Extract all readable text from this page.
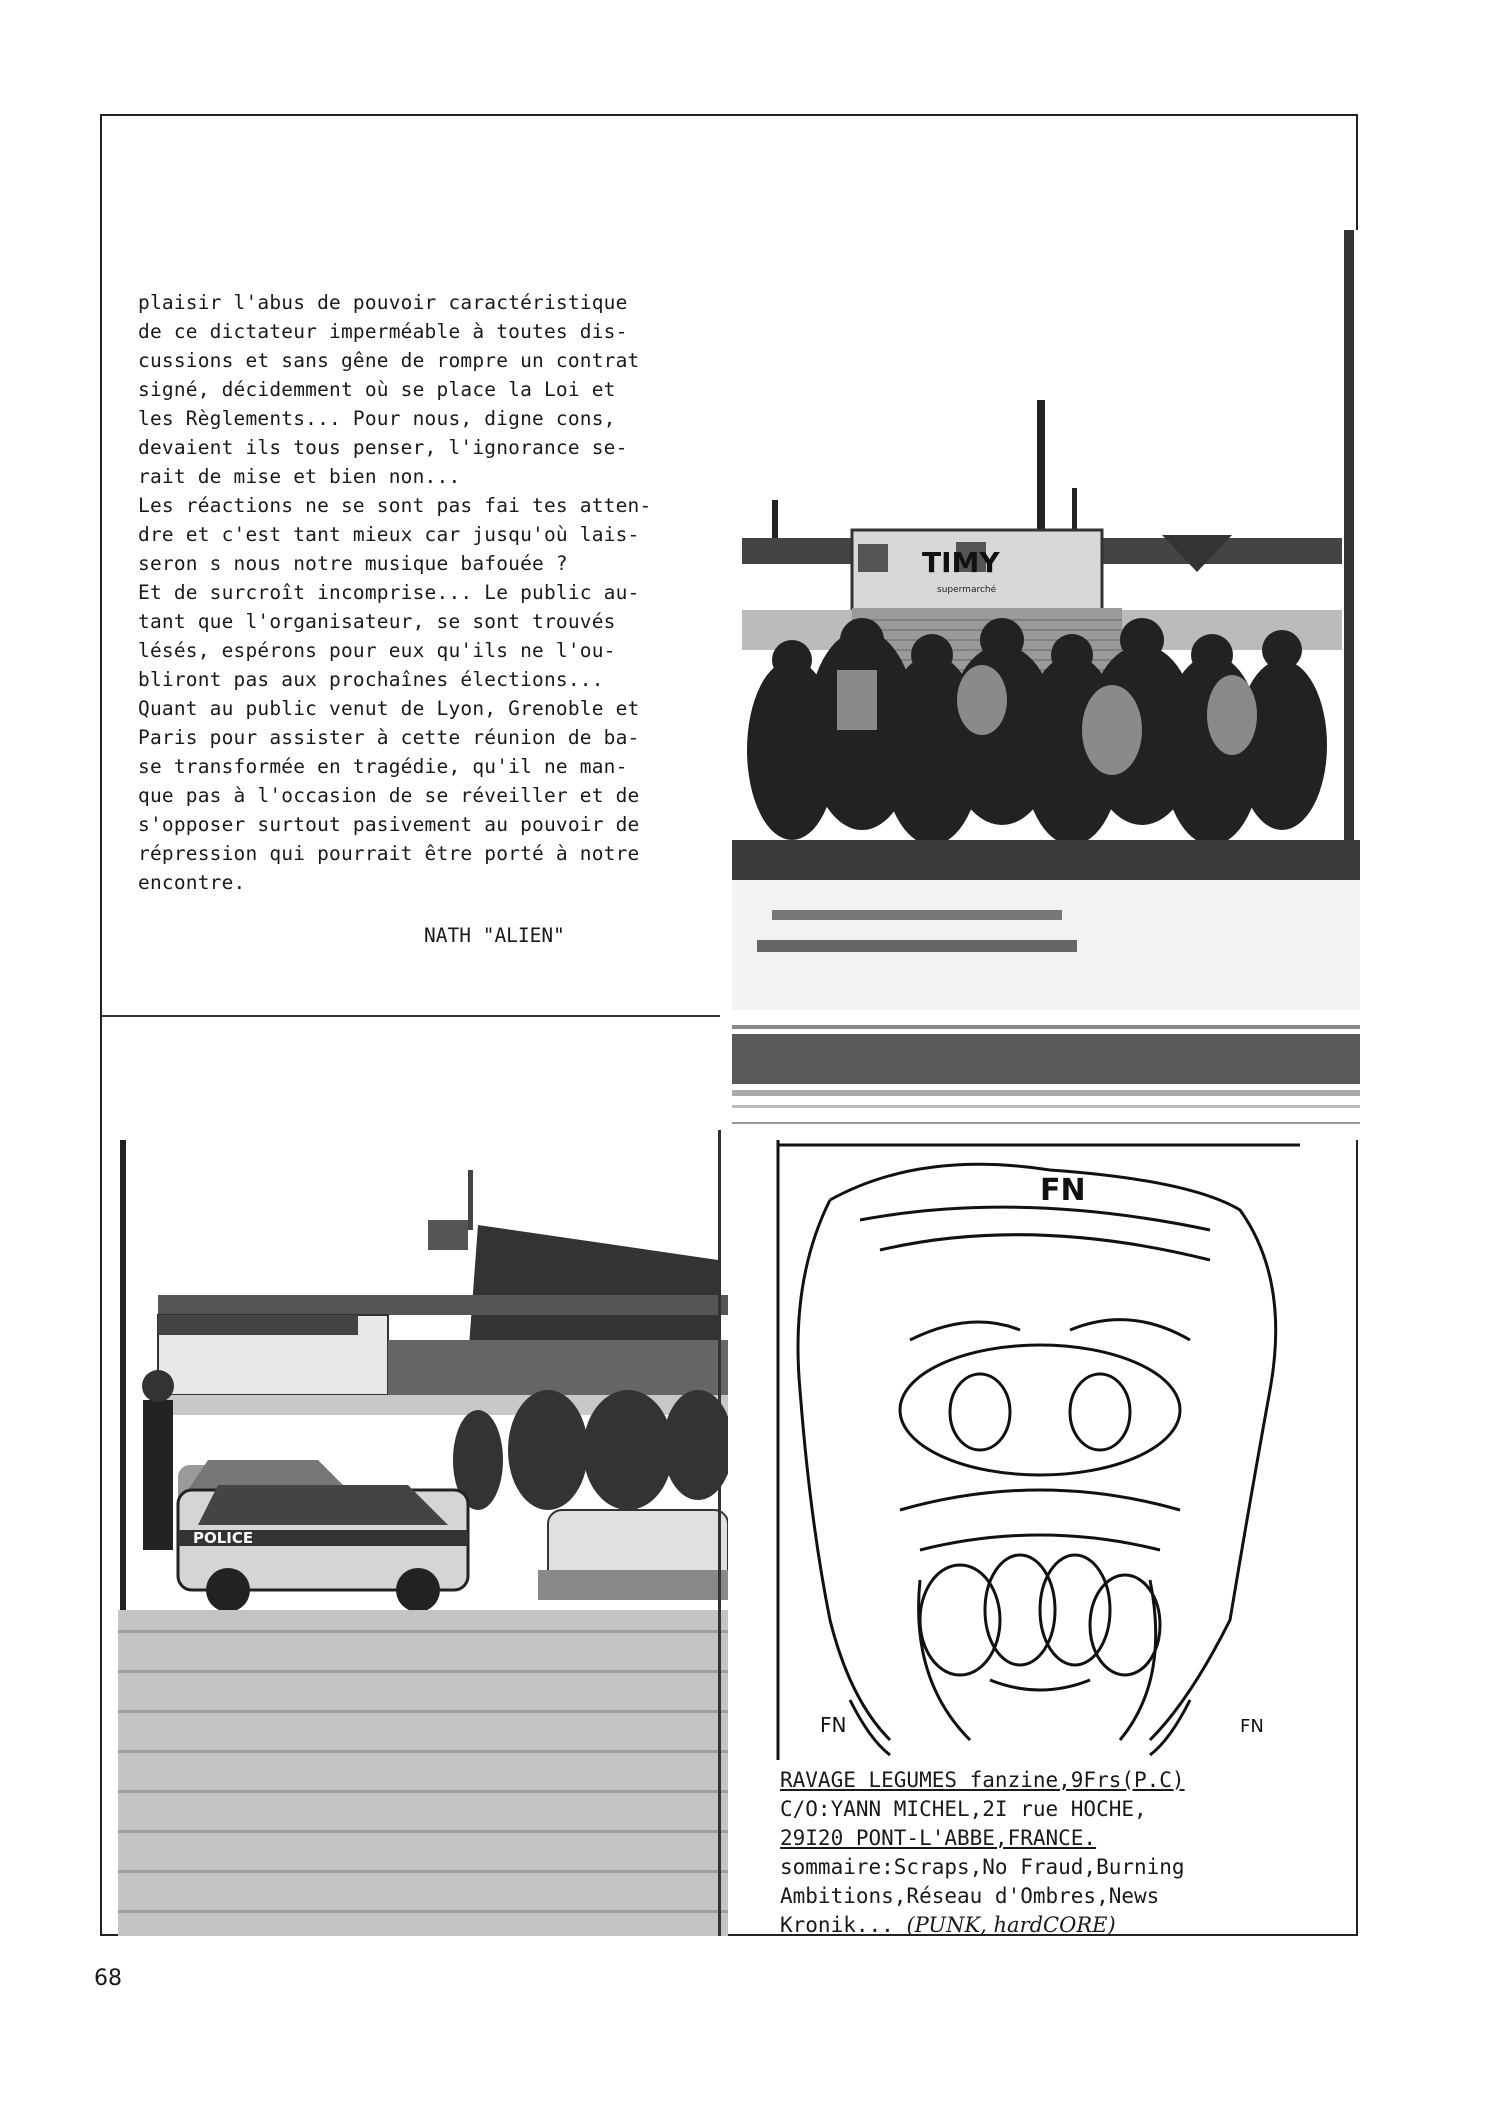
plaisir l'abus de pouvoir caractéristique
de ce dictateur imperméable à toutes dis-
cussions et sans gêne de rompre un contrat
signé, décidemment où se place la Loi et
les Règlements... Pour nous, digne cons,
devaient ils tous penser, l'ignorance se-
rait de mise et bien non...
Les réactions ne se sont pas fai tes atten-
dre et c'est tant mieux car jusqu'où lais-
seron s nous notre musique bafouée ?
Et de surcroît incomprise... Le public au-
tant que l'organisateur, se sont trouvés
lésés, espérons pour eux qu'ils ne l'ou-
bliront pas aux prochaînes élections...
Quant au public venut de Lyon, Grenoble et
Paris pour assister à cette réunion de ba-
se transformée en tragédie, qu'il ne man-
que pas à l'occasion de se réveiller et de
s'opposer surtout pasivement au pouvoir de
répression qui pourrait être porté à notre
encontre.
NATH "ALIEN"
TIMY
supermarché
POLICE
FN
FN	FN
RAVAGE LEGUMES fanzine,9Frs(P.C)
C/O:YANN MICHEL,2I rue HOCHE,
29I20 PONT-L'ABBE,FRANCE.
sommaire:Scraps,No Fraud,Burning
Ambitions,Réseau d'Ombres,News
Kronik... (PUNK, hardCORE)
68
